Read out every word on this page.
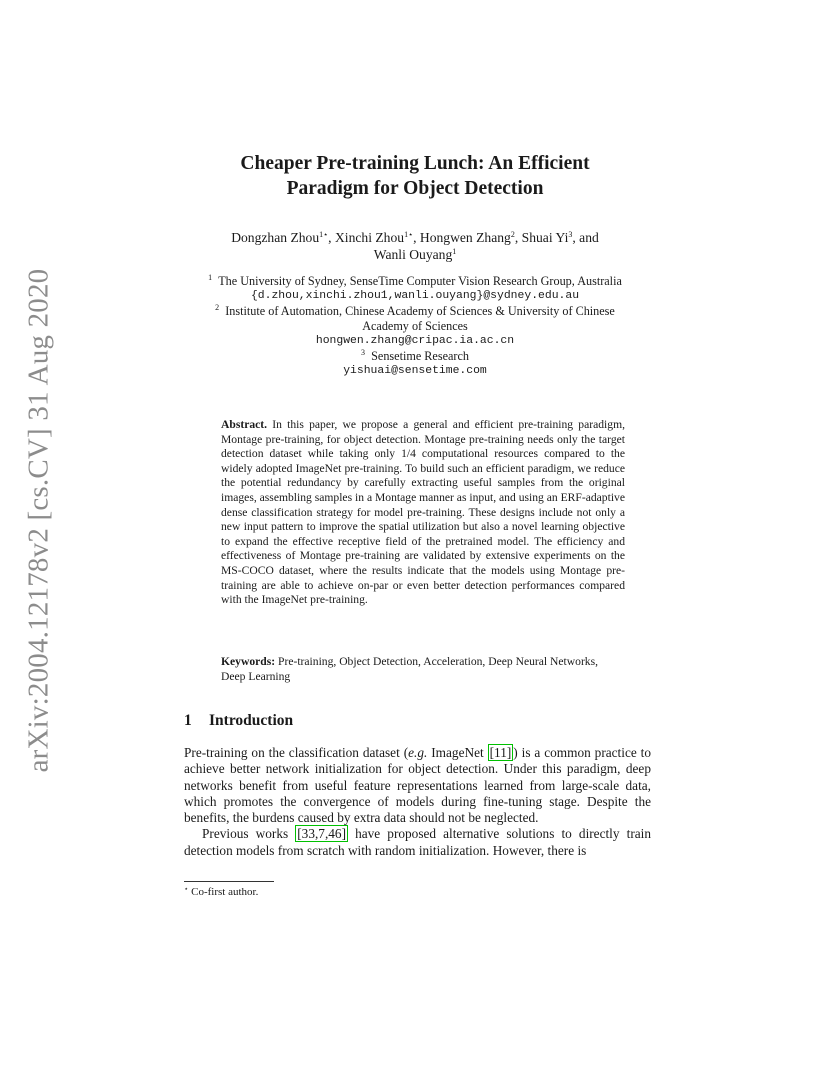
arXiv:2004.12178v2 [cs.CV] 31 Aug 2020
Cheaper Pre-training Lunch: An Efficient
Paradigm for Object Detection
Dongzhan Zhou$^{1⋆}$, Xinchi Zhou$^{1⋆}$, Hongwen Zhang$^2$, Shuai Yi$^3$, and
Wanli Ouyang$^1$
$^1$ The University of Sydney, SenseTime Computer Vision Research Group, Australia
{d.zhou,xinchi.zhou1,wanli.ouyang}@sydney.edu.au
$^2$ Institute of Automation, Chinese Academy of Sciences & University of Chinese
Academy of Sciences
hongwen.zhang@cripac.ia.ac.cn
$^3$ Sensetime Research
yishuai@sensetime.com
Abstract. In this paper, we propose a general and efficient pre-training paradigm, Montage pre-training, for object detection. Montage pre-training needs only the target detection dataset while taking only 1/4 computational resources compared to the widely adopted ImageNet pre-training. To build such an efficient paradigm, we reduce the potential redundancy by carefully extracting useful samples from the original images, assembling samples in a Montage manner as input, and using an ERF-adaptive dense classification strategy for model pre-training. These designs include not only a new input pattern to improve the spatial utilization but also a novel learning objective to expand the effective receptive field of the pretrained model. The efficiency and effectiveness of Montage pre-training are validated by extensive experiments on the MS-COCO dataset, where the results indicate that the models using Montage pre-training are able to achieve on-par or even better detection performances compared with the ImageNet pre-training.
Keywords: Pre-training, Object Detection, Acceleration, Deep Neural Networks, Deep Learning
1 Introduction

Pre-training on the classification dataset (e.g. ImageNet [11] ) is a common practice to achieve better network initialization for object detection. Under this paradigm, deep networks benefit from useful feature representations learned from large-scale data, which promotes the convergence of models during fine-tuning stage. Despite the benefits, the burdens caused by extra data should not be neglected.

Previous works [33,7,46] have proposed alternative solutions to directly train detection models from scratch with random initialization. However, there is

⋆ Co-first author.
